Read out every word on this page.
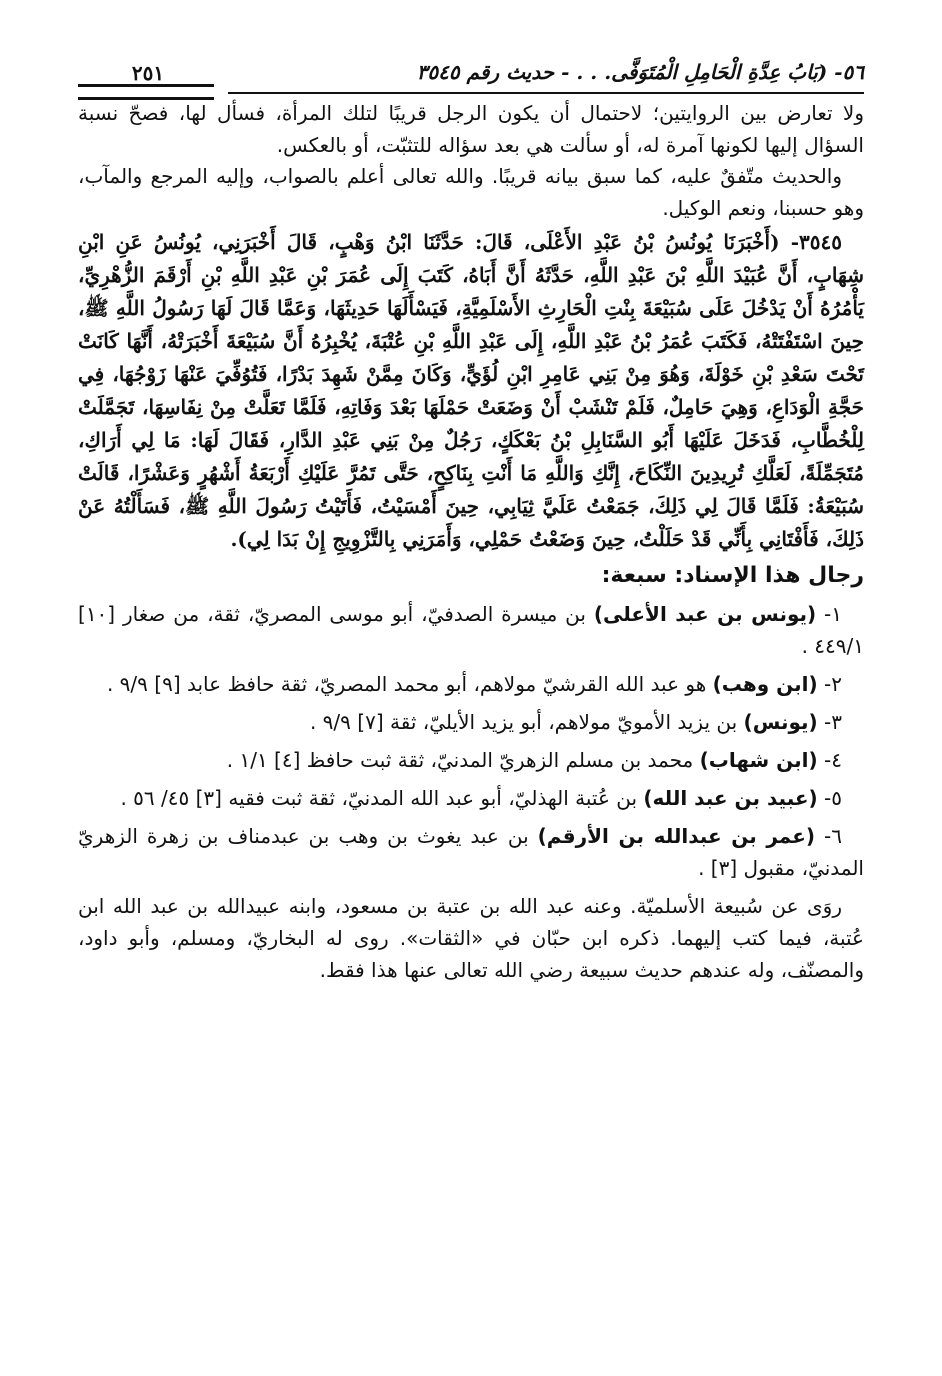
٥٦- (بَابُ عِدَّةِ الْحَامِلِ الْمُتَوَفَّى. . . - حديث رقم ٣٥٤٥
٢٥١

ولا تعارض بين الروايتين؛ لاحتمال أن يكون الرجل قريبًا لتلك المرأة، فسأل لها، فصحّ نسبة السؤال إليها لكونها آمرة له، أو سألت هي بعد سؤاله للتثبّت، أو بالعكس.

والحديث متّفقٌ عليه، كما سبق بيانه قريبًا. والله تعالى أعلم بالصواب، وإليه المرجع والمآب، وهو حسبنا، ونعم الوكيل.

٣٥٤٥- (أَخْبَرَنَا يُونُسُ بْنُ عَبْدِ الأَعْلَى، قَالَ: حَدَّثَنَا ابْنُ وَهْبٍ، قَالَ أَخْبَرَنِي، يُونُسُ عَنِ ابْنِ شِهَابٍ، أَنَّ عُبَيْدَ اللَّهِ بْنَ عَبْدِ اللَّهِ، حَدَّثَهُ أَنَّ أَبَاهُ، كَتَبَ إِلَى عُمَرَ بْنِ عَبْدِ اللَّهِ بْنِ أَرْقَمَ الزُّهْرِيِّ، يَأْمُرُهُ أَنْ يَدْخُلَ عَلَى سُبَيْعَةَ بِنْتِ الْحَارِثِ الأَسْلَمِيَّةِ، فَيَسْأَلَهَا حَدِيثَهَا، وَعَمَّا قَالَ لَهَا رَسُولُ اللَّهِ ﷺ، حِينَ اسْتَفْتَتْهُ، فَكَتَبَ عُمَرُ بْنُ عَبْدِ اللَّهِ، إِلَى عَبْدِ اللَّهِ بْنِ عُتْبَةَ، يُخْبِرُهُ أَنَّ سُبَيْعَةَ أَخْبَرَتْهُ، أَنَّهَا كَانَتْ تَحْتَ سَعْدِ بْنِ خَوْلَةَ، وَهُوَ مِنْ بَنِي عَامِرِ ابْنِ لُؤَيٍّ، وَكَانَ مِمَّنْ شَهِدَ بَدْرًا، فَتُوُفِّيَ عَنْهَا زَوْجُهَا، فِي حَجَّةِ الْوَدَاعِ، وَهِيَ حَامِلٌ، فَلَمْ تَنْشَبْ أَنْ وَضَعَتْ حَمْلَهَا بَعْدَ وَفَاتِهِ، فَلَمَّا تَعَلَّتْ مِنْ نِفَاسِهَا، تَجَمَّلَتْ لِلْخُطَّابِ، فَدَخَلَ عَلَيْهَا أَبُو السَّنَابِلِ بْنُ بَعْكَكٍ، رَجُلٌ مِنْ بَنِي عَبْدِ الدَّارِ، فَقَالَ لَهَا: مَا لِي أَرَاكِ، مُتَجَمِّلَةً، لَعَلَّكِ تُرِيدِينَ النِّكَاحَ، إِنَّكِ وَاللَّهِ مَا أَنْتِ بِنَاكِحٍ، حَتَّى تَمُرَّ عَلَيْكِ أَرْبَعَةُ أَشْهُرٍ وَعَشْرًا، قَالَتْ سُبَيْعَةُ: فَلَمَّا قَالَ لِي ذَلِكَ، جَمَعْتُ عَلَيَّ ثِيَابِي، حِينَ أَمْسَيْتُ، فَأَتَيْتُ رَسُولَ اللَّهِ ﷺ، فَسَأَلْتُهُ عَنْ ذَلِكَ، فَأَفْتَانِي بِأَنِّي قَدْ حَلَلْتُ، حِينَ وَضَعْتُ حَمْلِي، وَأَمَرَنِي بِالتَّزْوِيجِ إِنْ بَدَا لِي).

رجال هذا الإسناد: سبعة:

١- (يونس بن عبد الأعلى) بن ميسرة الصدفيّ، أبو موسى المصريّ، ثقة، من صغار [١٠] ٤٤٩/١ .

٢- (ابن وهب) هو عبد الله القرشيّ مولاهم، أبو محمد المصريّ، ثقة حافظ عابد [٩] ٩/٩ .

٣- (يونس) بن يزيد الأمويّ مولاهم، أبو يزيد الأيليّ، ثقة [٧] ٩/٩ .

٤- (ابن شهاب) محمد بن مسلم الزهريّ المدنيّ، ثقة ثبت حافظ [٤] ١/١ .

٥- (عبيد بن عبد الله) بن عُتبة الهذليّ، أبو عبد الله المدنيّ، ثقة ثبت فقيه [٣] ٤٥/ ٥٦ .

٦- (عمر بن عبدالله بن الأرقم) بن عبد يغوث بن وهب بن عبدمناف بن زهرة الزهريّ المدنيّ، مقبول [٣] .

روَى عن سُبيعة الأسلميّة. وعنه عبد الله بن عتبة بن مسعود، وابنه عبيدالله بن عبد الله ابن عُتبة، فيما كتب إليهما. ذكره ابن حبّان في «الثقات». روى له البخاريّ، ومسلم، وأبو داود، والمصنّف، وله عندهم حديث سبيعة رضي الله تعالى عنها هذا فقط.
